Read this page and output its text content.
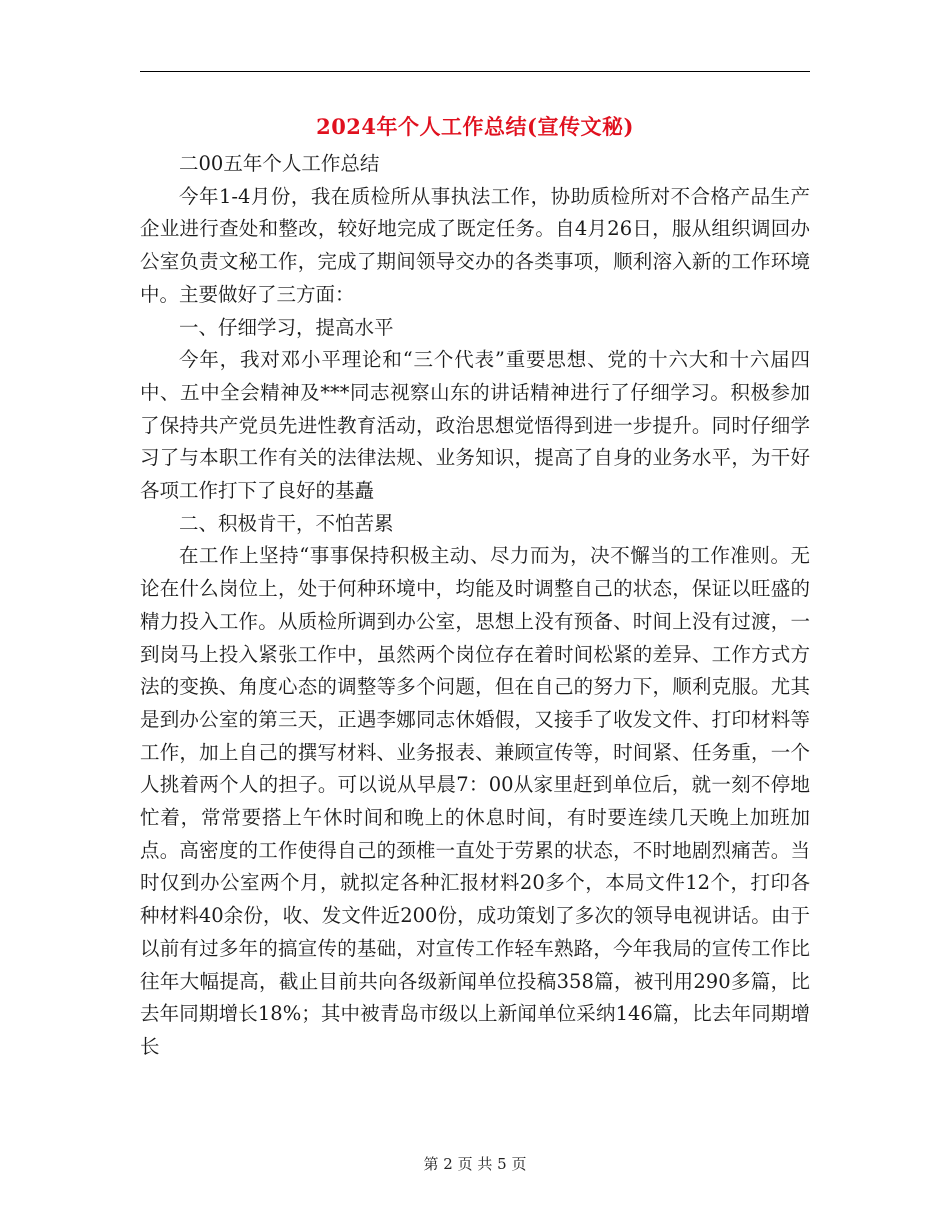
2024年个人工作总结(宣传文秘)

二00五年个人工作总结

今年1-4月份，我在质检所从事执法工作，协助质检所对不合格产品生产企业进行查处和整改，较好地完成了既定任务。自4月26日，服从组织调回办公室负责文秘工作，完成了期间领导交办的各类事项，顺利溶入新的工作环境中。主要做好了三方面：

一、仔细学习，提高水平

今年，我对邓小平理论和“三个代表”重要思想、党的十六大和十六届四中、五中全会精神及***同志视察山东的讲话精神进行了仔细学习。积极参加了保持共产党员先进性教育活动，政治思想觉悟得到进一步提升。同时仔细学习了与本职工作有关的法律法规、业务知识，提高了自身的业务水平，为干好各项工作打下了良好的基矗

二、积极肯干，不怕苦累

在工作上坚持“事事保持积极主动、尽力而为，决不懈当的工作准则。无论在什么岗位上，处于何种环境中，均能及时调整自己的状态，保证以旺盛的精力投入工作。从质检所调到办公室，思想上没有预备、时间上没有过渡，一到岗马上投入紧张工作中，虽然两个岗位存在着时间松紧的差异、工作方式方法的变换、角度心态的调整等多个问题，但在自己的努力下，顺利克服。尤其是到办公室的第三天，正遇李娜同志休婚假，又接手了收发文件、打印材料等工作，加上自己的撰写材料、业务报表、兼顾宣传等，时间紧、任务重，一个人挑着两个人的担子。可以说从早晨7：00从家里赶到单位后，就一刻不停地忙着，常常要搭上午休时间和晚上的休息时间，有时要连续几天晚上加班加点。高密度的工作使得自己的颈椎一直处于劳累的状态，不时地剧烈痛苦。当时仅到办公室两个月，就拟定各种汇报材料20多个，本局文件12个，打印各种材料40余份，收、发文件近200份，成功策划了多次的领导电视讲话。由于以前有过多年的搞宣传的基础，对宣传工作轻车熟路，今年我局的宣传工作比往年大幅提高，截止目前共向各级新闻单位投稿358篇，被刊用290多篇，比去年同期增长18%；其中被青岛市级以上新闻单位采纳146篇，比去年同期增长

第 2 页 共 5 页
